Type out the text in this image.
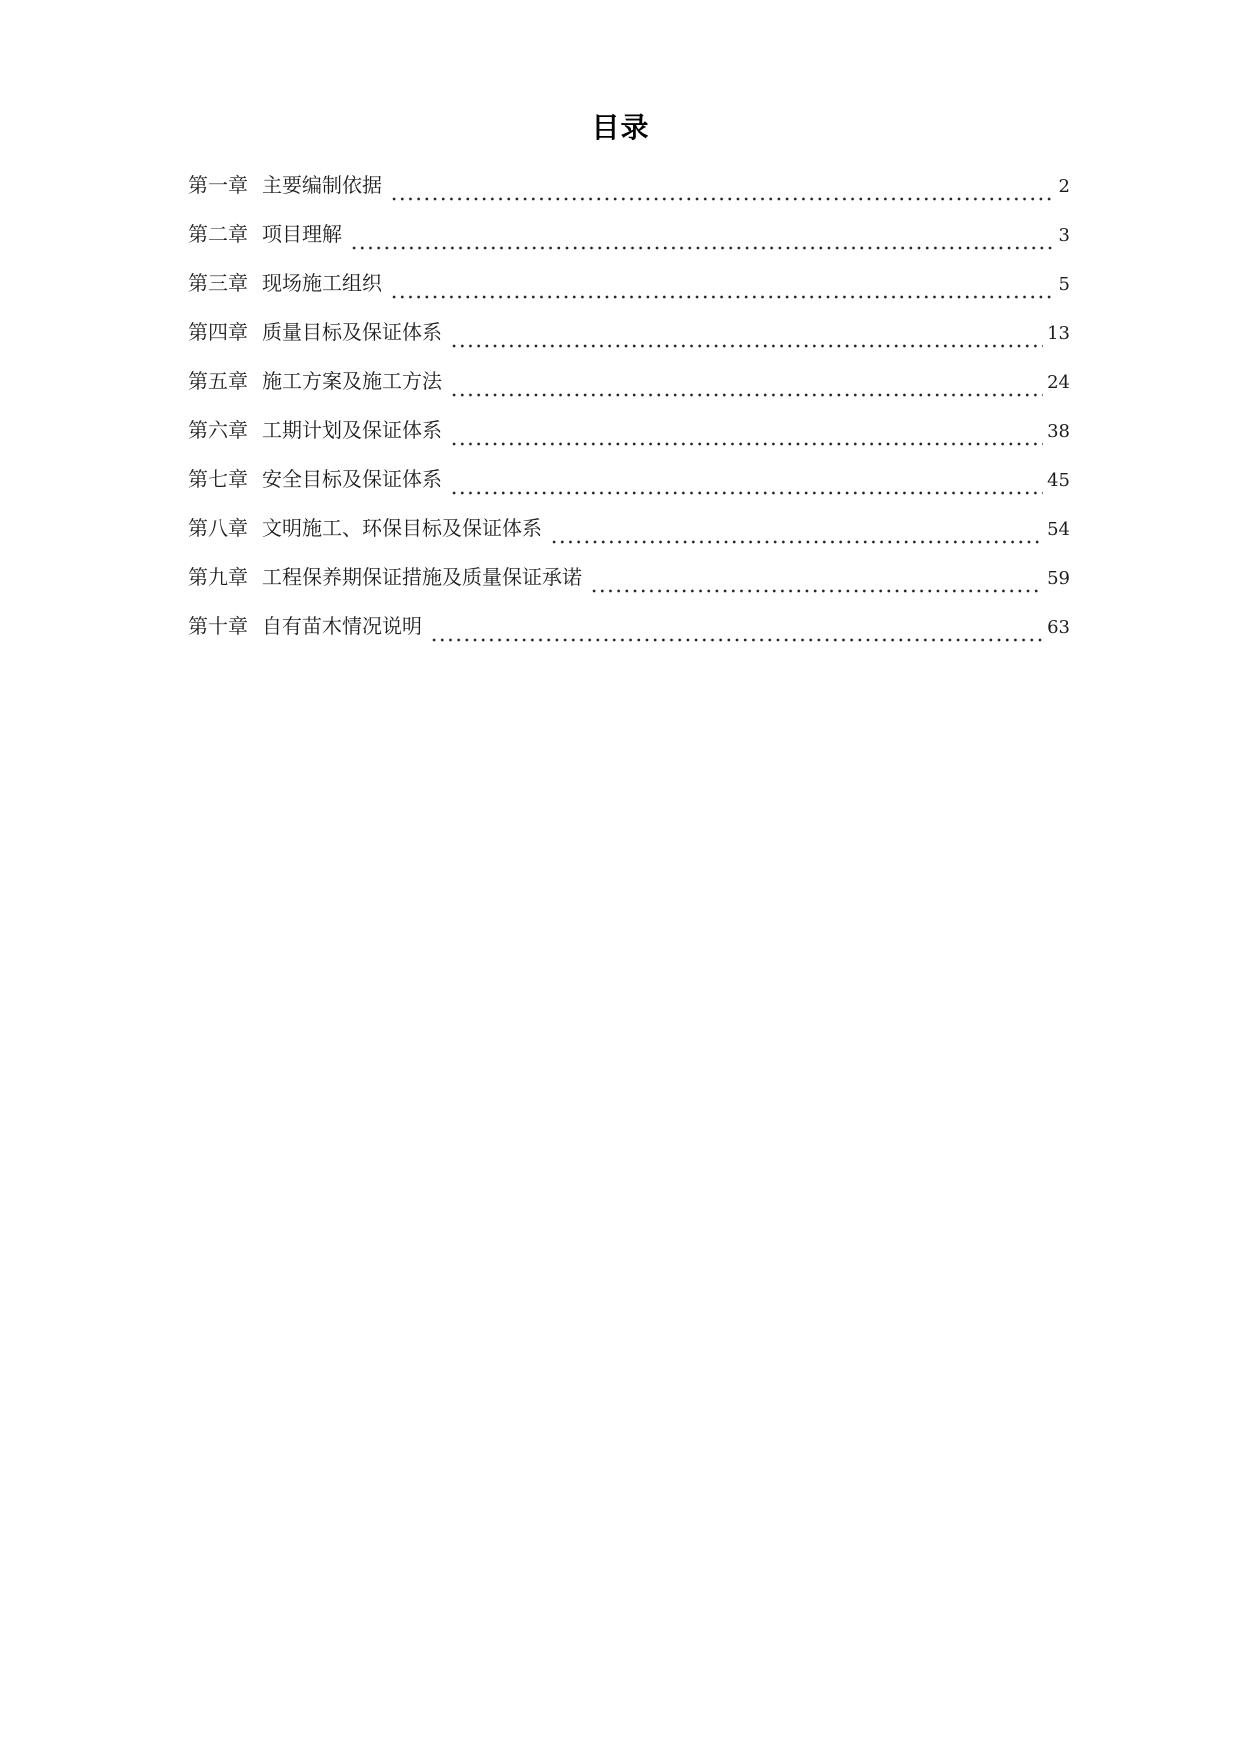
目录
第一章 主要编制依据	2
第二章 项目理解	3
第三章 现场施工组织	5
第四章 质量目标及保证体系	13
第五章 施工方案及施工方法	24
第六章 工期计划及保证体系	38
第七章 安全目标及保证体系	45
第八章 文明施工、环保目标及保证体系	54
第九章 工程保养期保证措施及质量保证承诺	59
第十章 自有苗木情况说明	63
